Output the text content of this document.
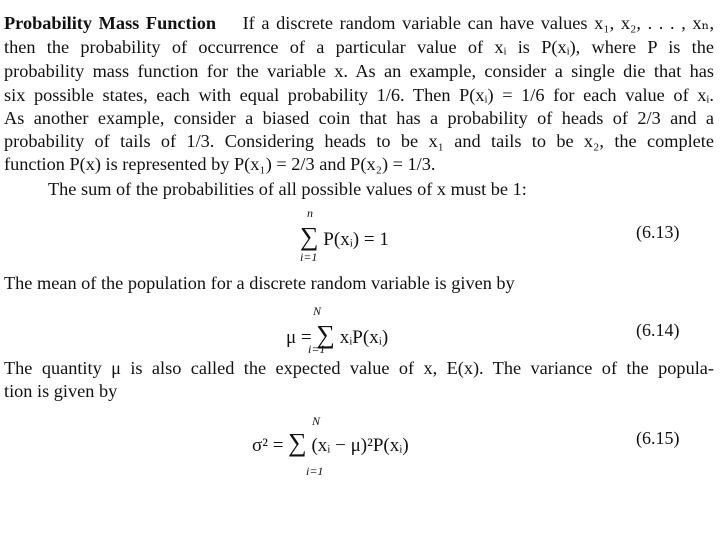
Probability Mass Function If a discrete random variable can have values x₁, x₂, . . . , xₙ,
then the probability of occurrence of a particular value of xᵢ is P(xᵢ), where P is the
probability mass function for the variable x. As an example, consider a single die that has
six possible states, each with equal probability 1/6. Then P(xᵢ) = 1/6 for each value of xᵢ.
As another example, consider a biased coin that has a probability of heads of 2/3 and a
probability of tails of 1/3. Considering heads to be x₁ and tails to be x₂, the complete
function P(x) is represented by P(x₁) = 2/3 and P(x₂) = 1/3.
The sum of the probabilities of all possible values of x must be 1:
n
∑ P(xᵢ) = 1
i=1
(6.13)
The mean of the population for a discrete random variable is given by
N
μ = ∑ xᵢP(xᵢ)
i=1
(6.14)
The quantity μ is also called the expected value of x, E(x). The variance of the popula-
tion is given by
N
σ² = ∑ (xᵢ − μ)²P(xᵢ)
i=1
(6.15)
